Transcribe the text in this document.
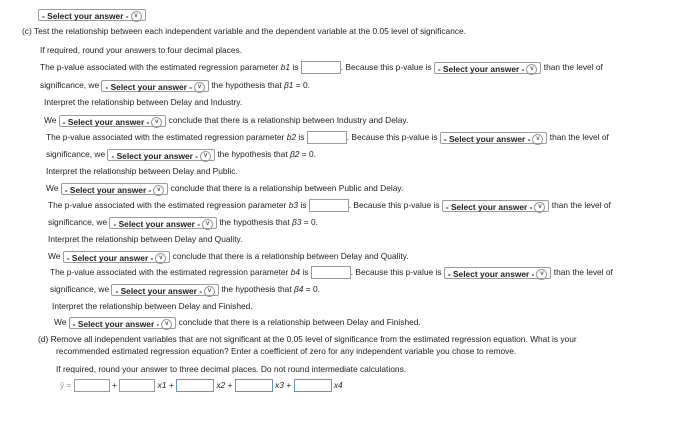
- Select your answer - v
(c) Test the relationship between each independent variable and the dependent variable at the 0.05 level of significance.
If required, round your answers to four decimal places.
The p-value associated with the estimated regression parameter b1 is	. Because this p-value is - Select your answer - v than the level of
significance, we - Select your answer - v the hypothesis that β1 = 0.
Interpret the relationship between Delay and Industry.
We - Select your answer - v conclude that there is a relationship between Industry and Delay.
The p-value associated with the estimated regression parameter b2 is	. Because this p-value is - Select your answer - v than the level of
significance, we - Select your answer - v the hypothesis that β2 = 0.
Interpret the relationship between Delay and Public.
We - Select your answer - v conclude that there is a relationship between Public and Delay.
The p-value associated with the estimated regression parameter b3 is	. Because this p-value is - Select your answer - v than the level of
significance, we - Select your answer - v the hypothesis that β3 = 0.
Interpret the relationship between Delay and Quality.
We - Select your answer - v conclude that there is a relationship between Delay and Quality.
The p-value associated with the estimated regression parameter b4 is	. Because this p-value is - Select your answer - v than the level of
significance, we - Select your answer - v the hypothesis that β4 = 0.
Interpret the relationship between Delay and Finished.
We - Select your answer - v conclude that there is a relationship between Delay and Finished.
(d) Remove all independent variables that are not significant at the 0.05 level of significance from the estimated regression equation. What is your
recommended estimated regression equation? Enter a coefficient of zero for any independent variable you chose to remove.
If required, round your answer to three decimal places. Do not round intermediate calculations.
ŷ =	+	x1 +	x2 +	x3 +	x4
